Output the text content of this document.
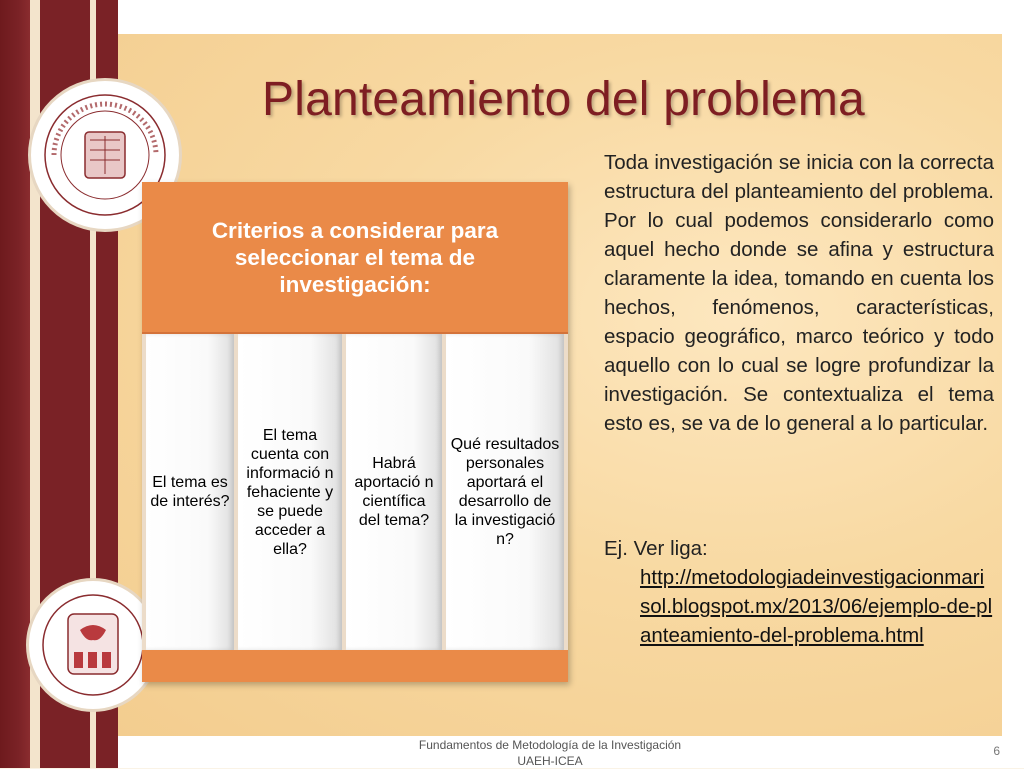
Planteamiento del problema
Criterios a considerar para seleccionar el tema de investigación:
El tema es de interés?
El tema cuenta con informació n fehaciente y se puede acceder a ella?
Habrá aportació n científica del tema?
Qué resultados personales aportará el desarrollo de la investigació n?
Toda investigación se inicia con la correcta estructura del planteamiento del problema. Por lo cual podemos considerarlo como aquel hecho donde se afina y estructura claramente la idea, tomando en cuenta los hechos, fenómenos, características, espacio geográfico, marco teórico y todo aquello con lo cual se logre profundizar la investigación. Se contextualiza el tema esto es, se va de lo general a lo particular.
Ej. Ver liga:
http://metodologiadeinvestigacionmarisol.blogspot.mx/2013/06/ejemplo-de-planteamiento-del-problema.html
Fundamentos de Metodología de la Investigación
UAEH-ICEA
6
